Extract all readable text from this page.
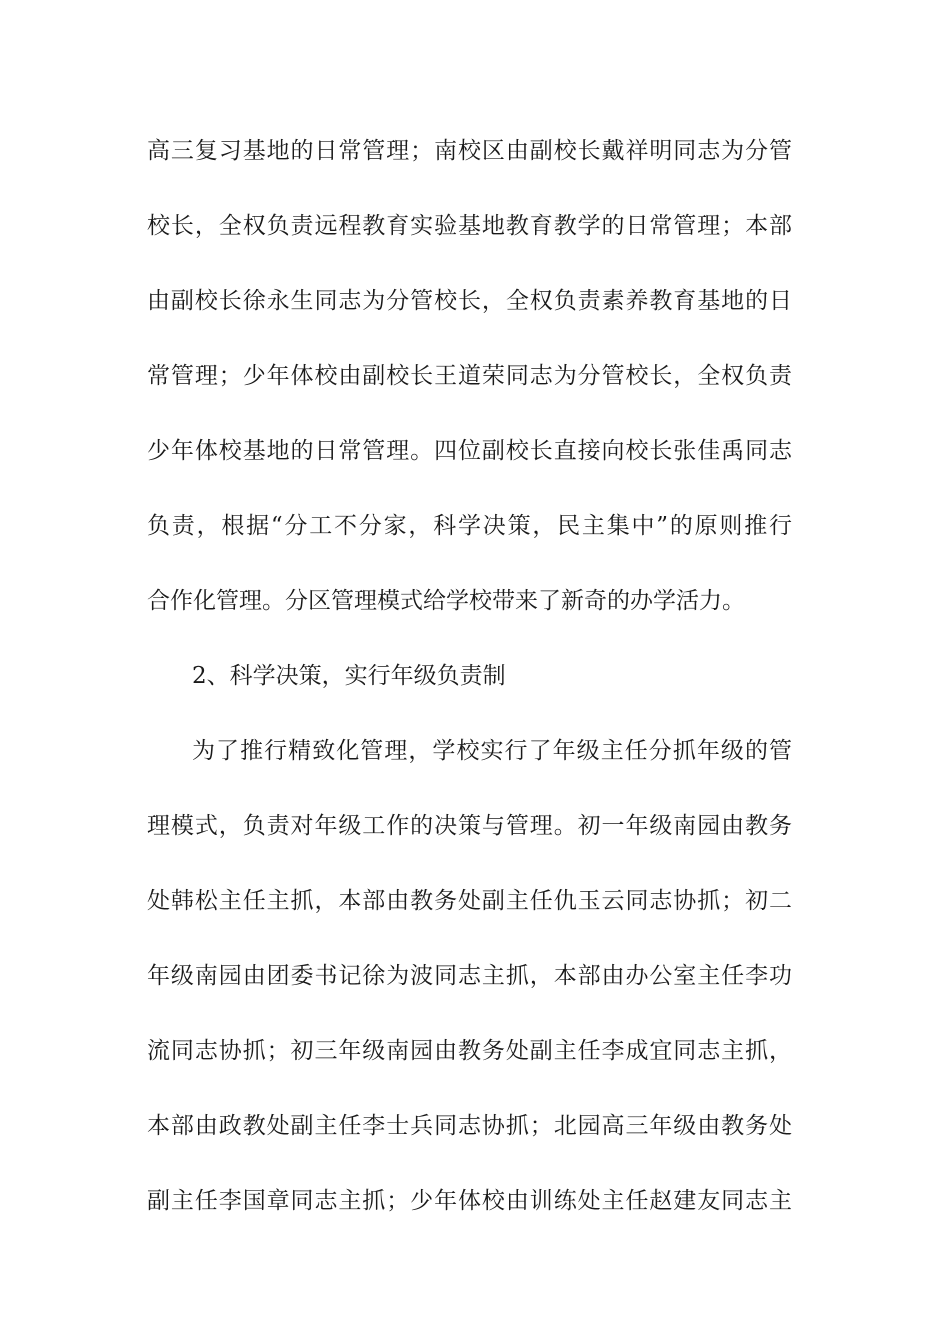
高三复习基地的日常管理；南校区由副校长戴祥明同志为分管
校长，全权负责远程教育实验基地教育教学的日常管理；本部
由副校长徐永生同志为分管校长，全权负责素养教育基地的日
常管理；少年体校由副校长王道荣同志为分管校长，全权负责
少年体校基地的日常管理。四位副校长直接向校长张佳禹同志
负责，根据“分工不分家，科学决策，民主集中”的原则推行
合作化管理。分区管理模式给学校带来了新奇的办学活力。
2、科学决策，实行年级负责制
为了推行精致化管理，学校实行了年级主任分抓年级的管
理模式，负责对年级工作的决策与管理。初一年级南园由教务
处韩松主任主抓，本部由教务处副主任仇玉云同志协抓；初二
年级南园由团委书记徐为波同志主抓，本部由办公室主任李功
流同志协抓；初三年级南园由教务处副主任李成宜同志主抓，
本部由政教处副主任李士兵同志协抓；北园高三年级由教务处
副主任李国章同志主抓；少年体校由训练处主任赵建友同志主
